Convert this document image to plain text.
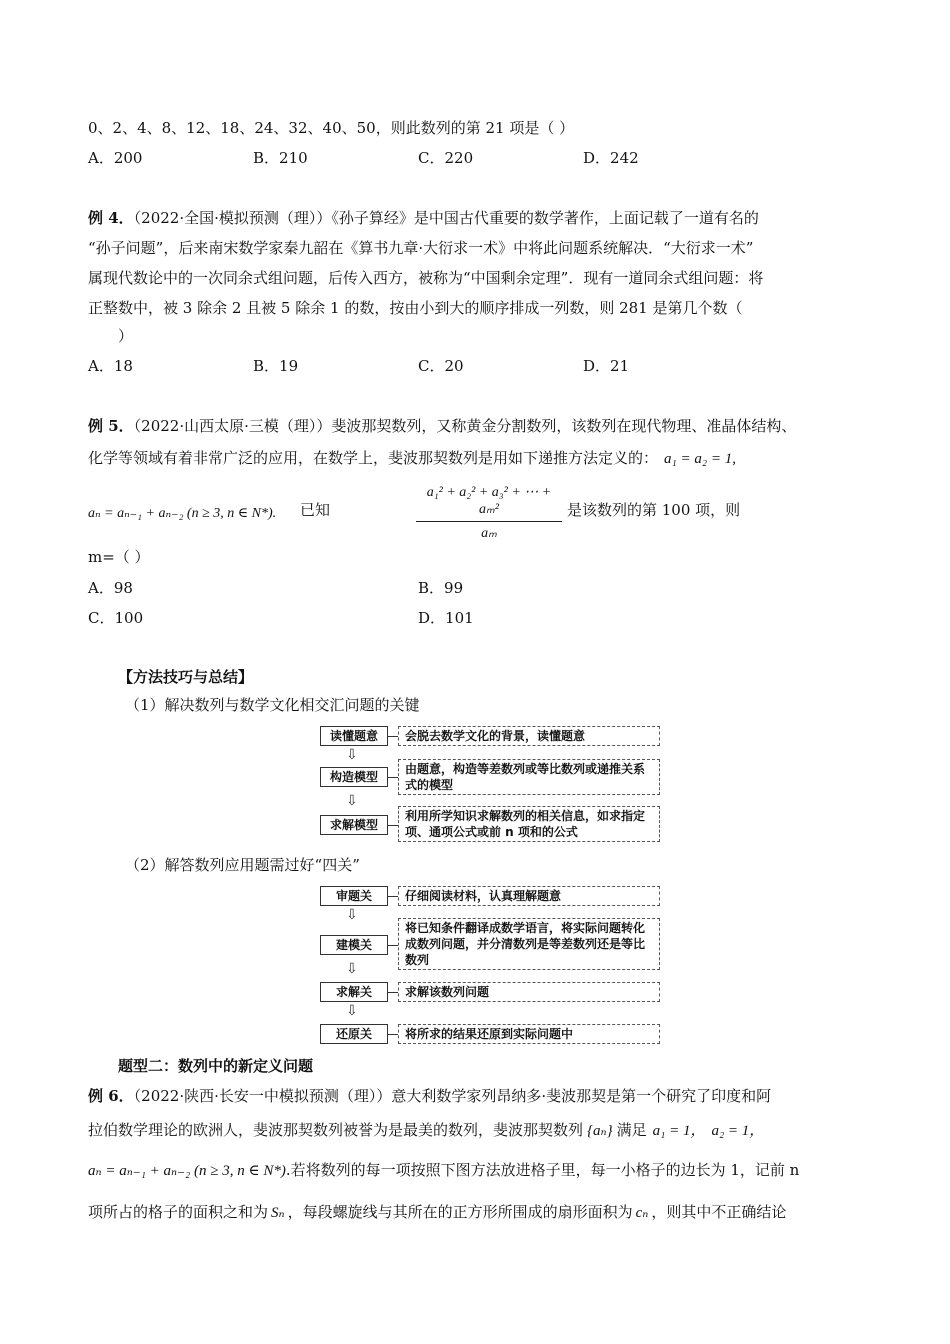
0、2、4、8、12、18、24、32、40、50，则此数列的第 21 项是（ ）
A．200	B．210	C．220	D．242
例 4．（2022·全国·模拟预测（理））《孙子算经》是中国古代重要的数学著作，上面记载了一道有名的
“孙子问题”，后来南宋数学家秦九韶在《算书九章·大衍求一术》中将此问题系统解决．“大衍求一术”
属现代数论中的一次同余式组问题，后传入西方，被称为“中国剩余定理”．现有一道同余式组问题：将
正整数中，被 3 除余 2 且被 5 除余 1 的数，按由小到大的顺序排成一列数，则 281 是第几个数（
）
A．18	B．19	C．20	D．21
例 5．（2022·山西太原·三模（理））斐波那契数列，又称黄金分割数列，该数列在现代物理、准晶体结构、
化学等领域有着非常广泛的应用，在数学上，斐波那契数列是用如下递推方法定义的： a₁ = a₂ = 1,
aₙ = aₙ₋₁ + aₙ₋₂ (n ≥ 3, n ∈ N*). 已知	$\frac{\text{a₁² + a₂² + a₃² + ⋯ + aₘ²}}{\text{aₘ}}$ 是该数列的第 100 项，则
m=（ ）
A．98	B．99
C．100	D．101
【方法技巧与总结】
（1）解决数列与数学文化相交汇问题的关键
读懂题意	会脱去数学文化的背景，读懂题意
⇩
构造模型
由题意，构造等差数列或等比数列或递推关系式的模型
⇩
求解模型
利用所学知识求解数列的相关信息，如求指定项、通项公式或前 n 项和的公式
（2）解答数列应用题需过好“四关”
审题关	仔细阅读材料，认真理解题意
⇩
建模关
将已知条件翻译成数学语言，将实际问题转化成数列问题，并分清数列是等差数列还是等比数列
⇩
求解关	求解该数列问题
⇩
还原关	将所求的结果还原到实际问题中
题型二：数列中的新定义问题
例 6．（2022·陕西·长安一中模拟预测（理））意大利数学家列昂纳多·斐波那契是第一个研究了印度和阿
拉伯数学理论的欧洲人，斐波那契数列被誉为是最美的数列，斐波那契数列 {aₙ} 满足 a₁ = 1， a₂ = 1，
aₙ = aₙ₋₁ + aₙ₋₂ (n ≥ 3, n ∈ N*).若将数列的每一项按照下图方法放进格子里，每一小格子的边长为 1，记前 n
项所占的格子的面积之和为 Sₙ ，每段螺旋线与其所在的正方形所围成的扇形面积为 cₙ ，则其中不正确结论
